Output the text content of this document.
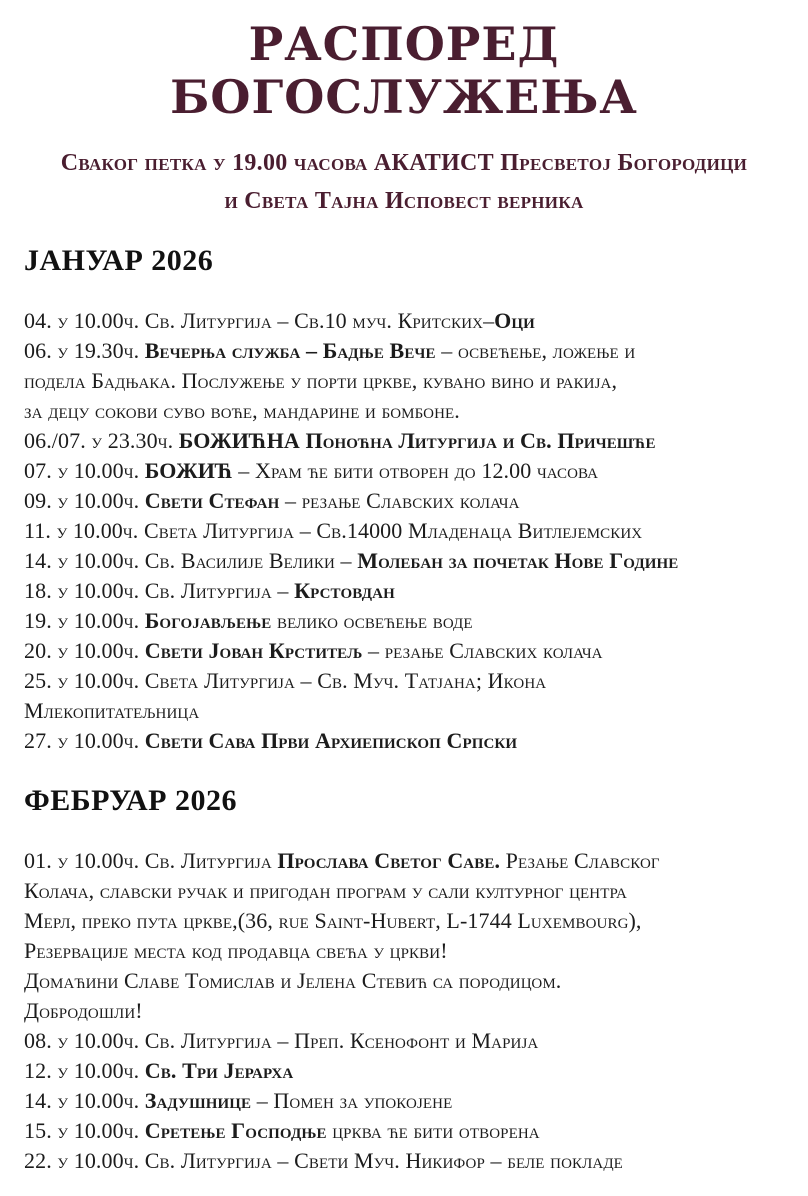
РАСПОРЕД БОГОСЛУЖЕЊА
Сваког петка у 19.00 часова АКАТИСТ Пресветој Богородици
и Света Тајна Исповест верника
ЈАНУАР 2026

04. у 10.00ч. Св. Литургија – Св.10 муч. Критских–Оци

06. у 19.30ч. Вечерња служба – Бадње Вече – освећење, ложење и
подела Бадњака. Послужење у порти цркве, кувано вино и ракија,
за децу сокови суво воће, мандарине и бомбоне.

06./07. у 23.30ч. БОЖИЋНА Поноћна Литургија и Св. Причешће

07. у 10.00ч. БОЖИЋ – Храм ће бити отворен до 12.00 часова

09. у 10.00ч. Свети Стефан – резање Славских колача

11. у 10.00ч. Света Литургија – Св.14000 Младенаца Витлејемских

14. у 10.00ч. Св. Василије Велики – Молебан за почетак Нове Године

18. у 10.00ч. Св. Литургија – Крстовдан

19. у 10.00ч. Богојављење велико освећење воде

20. у 10.00ч. Свети Јован Крститељ – резање Славских колача

25. у 10.00ч. Света Литургија – Св. Муч. Татјана; Икона
Млекопитатељница

27. у 10.00ч. Свети Сава Први Архиепископ Српски

ФЕБРУАР 2026

01. у 10.00ч. Св. Литургија Прослава Светог Саве. Резање Славског
Колача, славски ручак и пригодан програм у сали културног центра
Мерл, преко пута цркве,(36, rue Saint-Hubert, L-1744 Luxembourg),
Резервације места код продавца свећа у цркви!

Домаћини Славе Томислав и Јелена Стевић са породицом.

Добродошли!

08. у 10.00ч. Св. Литургија – Преп. Ксенофонт и Марија

12. у 10.00ч. Св. Три Јерарха

14. у 10.00ч. Задушнице – Помен за упокојене

15. у 10.00ч. Сретење Господње црква ће бити отворена

22. у 10.00ч. Св. Литургија – Свети Муч. Никифор – беле покладе
